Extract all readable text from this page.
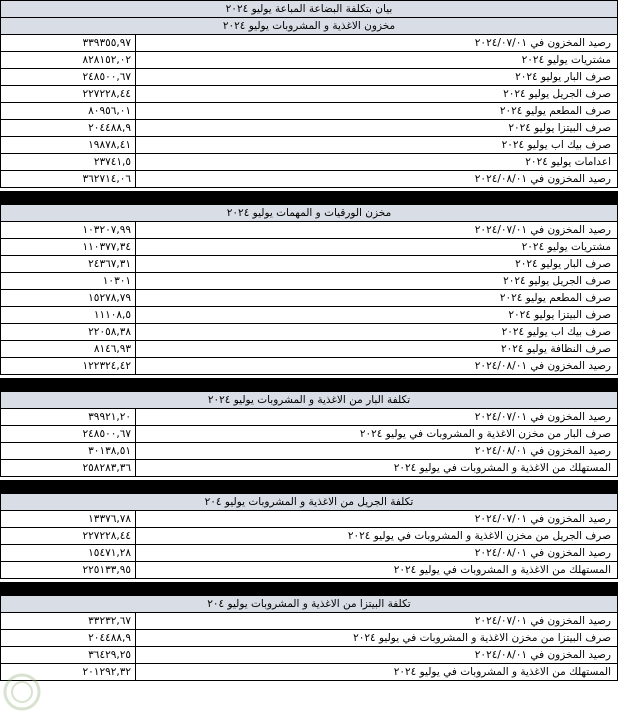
بيان بتكلفة البضاعة المباعة يوليو ٢٠٢٤
مخزون الاغذية و المشروبات يوليو ٢٠٢٤
٣٣٩٣٥٥,٩٧	رصيد المخزون في ٢٠٢٤/٠٧/٠١
٨٢٨١٥٢,٠٢	مشتريات يوليو ٢٠٢٤
٢٤٨٥٠٠,٦٧	صرف البار يوليو ٢٠٢٤
٢٢٧٢٢٨,٤٤	صرف الجريل يوليو ٢٠٢٤
٨٠٩٥٦,٠١	صرف المطعم يوليو ٢٠٢٤
٢٠٤٤٨٨,٩	صرف البيتزا يوليو ٢٠٢٤
١٩٨٧٨,٤١	صرف بيك اب يوليو ٢٠٢٤
٢٣٧٤١,٥	اعدامات يوليو ٢٠٢٤
٣٦٢٧١٤,٠٦	رصيد المخزون في ٢٠٢٤/٠٨/٠١
مخزن الورقيات و المهمات يوليو ٢٠٢٤
١٠٣٢٠٧,٩٩	رصيد المخزون في ٢٠٢٤/٠٧/٠١
١١٠٣٧٧,٣٤	مشتريات يوليو ٢٠٢٤
٢٤٣٦٧,٣١	صرف البار يوليو ٢٠٢٤
١٠٣٠١	صرف الجريل يوليو ٢٠٢٤
١٥٢٧٨,٧٩	صرف المطعم يوليو ٢٠٢٤
١١١٠٨,٥	صرف البيتزا يوليو ٢٠٢٤
٢٢٠٥٨,٣٨	صرف بيك اب يوليو ٢٠٢٤
٨١٤٦,٩٣	صرف النظافة يوليو ٢٠٢٤
١٢٢٣٢٤,٤٢	رصيد المخزون في ٢٠٢٤/٠٨/٠١
تكلفة البار من الاغذية و المشروبات يوليو ٢٠٢٤
٣٩٩٢١,٢٠	رصيد المخزون في ٢٠٢٤/٠٧/٠١
٢٤٨٥٠٠,٦٧	صرف البار من مخزن الاغذية و المشروبات في يوليو ٢٠٢٤
٣٠١٣٨,٥١	رصيد المخزون في ٢٠٢٤/٠٨/٠١
٢٥٨٢٨٣,٣٦	المستهلك من الاغذية و المشروبات في يوليو ٢٠٢٤
تكلفة الجريل من الاغذية و المشروبات يوليو ٢٠٤
١٣٣٧٦,٧٨	رصيد المخزون في ٢٠٢٤/٠٧/٠١
٢٢٧٢٢٨,٤٤	صرف الجريل من مخزن الاغذية و المشروبات في يوليو ٢٠٢٤
١٥٤٧١,٢٨	رصيد المخزون في ٢٠٢٤/٠٨/٠١
٢٢٥١٣٣,٩٥	المستهلك من الاغذية و المشروبات في يوليو ٢٠٢٤
تكلفة البيتزا من الاغذية و المشروبات يوليو ٢٠٤
٣٣٢٣٢,٦٧	رصيد المخزون في ٢٠٢٤/٠٧/٠١
٢٠٤٤٨٨,٩	صرف البيتزا من مخزن الاغذية و المشروبات في يوليو ٢٠٢٤
٣٦٤٢٩,٢٥	رصيد المخزون في ٢٠٢٤/٠٨/٠١
٢٠١٢٩٢,٣٢	المستهلك من الاغذية و المشروبات في يوليو ٢٠٢٤
